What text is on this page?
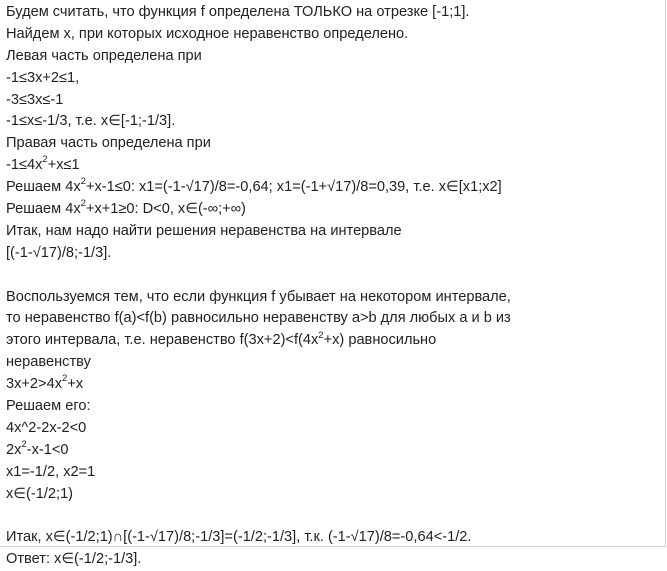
Будем считать, что функция f определена ТОЛЬКО на отрезке [-1;1].
Найдем x, при которых исходное неравенство определено.
Левая часть определена при
-1≤3x+2≤1,
-3≤3x≤-1
-1≤x≤-1/3, т.е. x∈[-1;-1/3].
Правая часть определена при
$-1\le 4x^2+x\le 1$
Решаем $4x^2+x-1\le 0$: x1=(-1-√17)/8=-0,64; x1=(-1+√17)/8=0,39, т.е. x∈[x1;x2]
Решаем $4x^2+x+1\ge 0$: D<0, x∈(-∞;+∞)
Итак, нам надо найти решения неравенства на интервале
[(-1-√17)/8;-1/3].
Воспользуемся тем, что если функция f убывает на некотором интервале,
то неравенство f(a)<f(b) равносильно неравенству a>b для любых a и b из
этого интервала, т.е. неравенство $f(3x+2)<f(4x^2+x)$ равносильно
неравенству
$3x+2>4x^2+x$
Решаем его:
4x^2-2x-2<0
$2x^2-x-1<0$
x1=-1/2, x2=1
x∈(-1/2;1)
Итак, x∈(-1/2;1)∩[(-1-√17)/8;-1/3]=(-1/2;-1/3], т.к. (-1-√17)/8=-0,64<-1/2.
Ответ: x∈(-1/2;-1/3].
